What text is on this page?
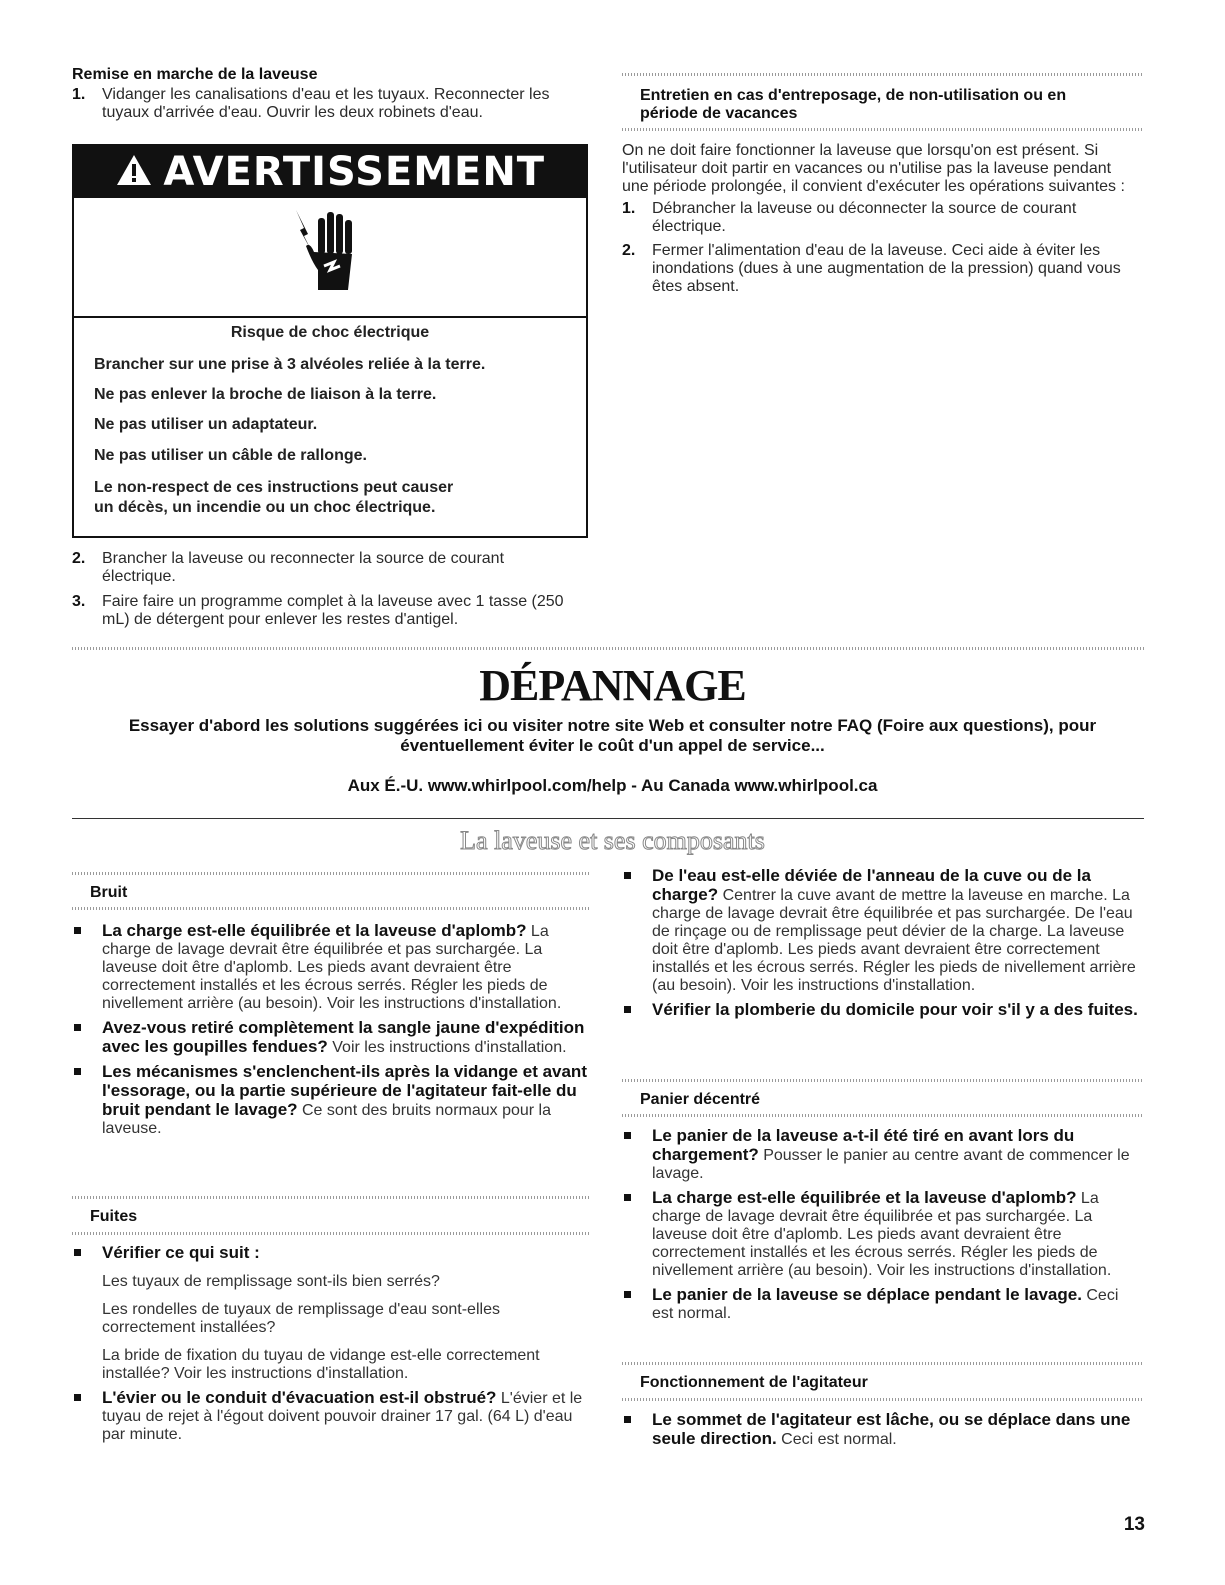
Remise en marche de la laveuse
1. Vidanger les canalisations d'eau et les tuyaux. Reconnecter les tuyaux d'arrivée d'eau. Ouvrir les deux robinets d'eau.
AVERTISSEMENT
Risque de choc électrique
Brancher sur une prise à 3 alvéoles reliée à la terre.
Ne pas enlever la broche de liaison à la terre.
Ne pas utiliser un adaptateur.
Ne pas utiliser un câble de rallonge.
Le non-respect de ces instructions peut causer
un décès, un incendie ou un choc électrique.
2. Brancher la laveuse ou reconnecter la source de courant électrique.
3. Faire faire un programme complet à la laveuse avec 1 tasse (250 mL) de détergent pour enlever les restes d'antigel.
Entretien en cas d'entreposage, de non-utilisation ou en
période de vacances
On ne doit faire fonctionner la laveuse que lorsqu'on est présent. Si l'utilisateur doit partir en vacances ou n'utilise pas la laveuse pendant une période prolongée, il convient d'exécuter les opérations suivantes :
1. Débrancher la laveuse ou déconnecter la source de courant électrique.
2. Fermer l'alimentation d'eau de la laveuse. Ceci aide à éviter les inondations (dues à une augmentation de la pression) quand vous êtes absent.
DÉPANNAGE
Essayer d'abord les solutions suggérées ici ou visiter notre site Web et consulter notre FAQ (Foire aux questions), pour
éventuellement éviter le coût d'un appel de service...
Aux É.-U. www.whirlpool.com/help - Au Canada www.whirlpool.ca
La laveuse et ses composants
Bruit
La charge est-elle équilibrée et la laveuse d'aplomb? La charge de lavage devrait être équilibrée et pas surchargée. La laveuse doit être d'aplomb. Les pieds avant devraient être correctement installés et les écrous serrés. Régler les pieds de nivellement arrière (au besoin). Voir les instructions d'installation.
Avez-vous retiré complètement la sangle jaune d'expédition avec les goupilles fendues? Voir les instructions d'installation.
Les mécanismes s'enclenchent-ils après la vidange et avant l'essorage, ou la partie supérieure de l'agitateur fait-elle du bruit pendant le lavage? Ce sont des bruits normaux pour la laveuse.
Fuites
Vérifier ce qui suit :
Les tuyaux de remplissage sont-ils bien serrés?
Les rondelles de tuyaux de remplissage d'eau sont-elles correctement installées?
La bride de fixation du tuyau de vidange est-elle correctement installée? Voir les instructions d'installation.
L'évier ou le conduit d'évacuation est-il obstrué? L'évier et le tuyau de rejet à l'égout doivent pouvoir drainer 17 gal. (64 L) d'eau par minute.
De l'eau est-elle déviée de l'anneau de la cuve ou de la charge? Centrer la cuve avant de mettre la laveuse en marche. La charge de lavage devrait être équilibrée et pas surchargée. De l'eau de rinçage ou de remplissage peut dévier de la charge. La laveuse doit être d'aplomb. Les pieds avant devraient être correctement installés et les écrous serrés. Régler les pieds de nivellement arrière (au besoin). Voir les instructions d'installation.
Vérifier la plomberie du domicile pour voir s'il y a des fuites.
Panier décentré
Le panier de la laveuse a-t-il été tiré en avant lors du chargement? Pousser le panier au centre avant de commencer le lavage.
La charge est-elle équilibrée et la laveuse d'aplomb? La charge de lavage devrait être équilibrée et pas surchargée. La laveuse doit être d'aplomb. Les pieds avant devraient être correctement installés et les écrous serrés. Régler les pieds de nivellement arrière (au besoin). Voir les instructions d'installation.
Le panier de la laveuse se déplace pendant le lavage. Ceci est normal.
Fonctionnement de l'agitateur
Le sommet de l'agitateur est lâche, ou se déplace dans une seule direction. Ceci est normal.
13
